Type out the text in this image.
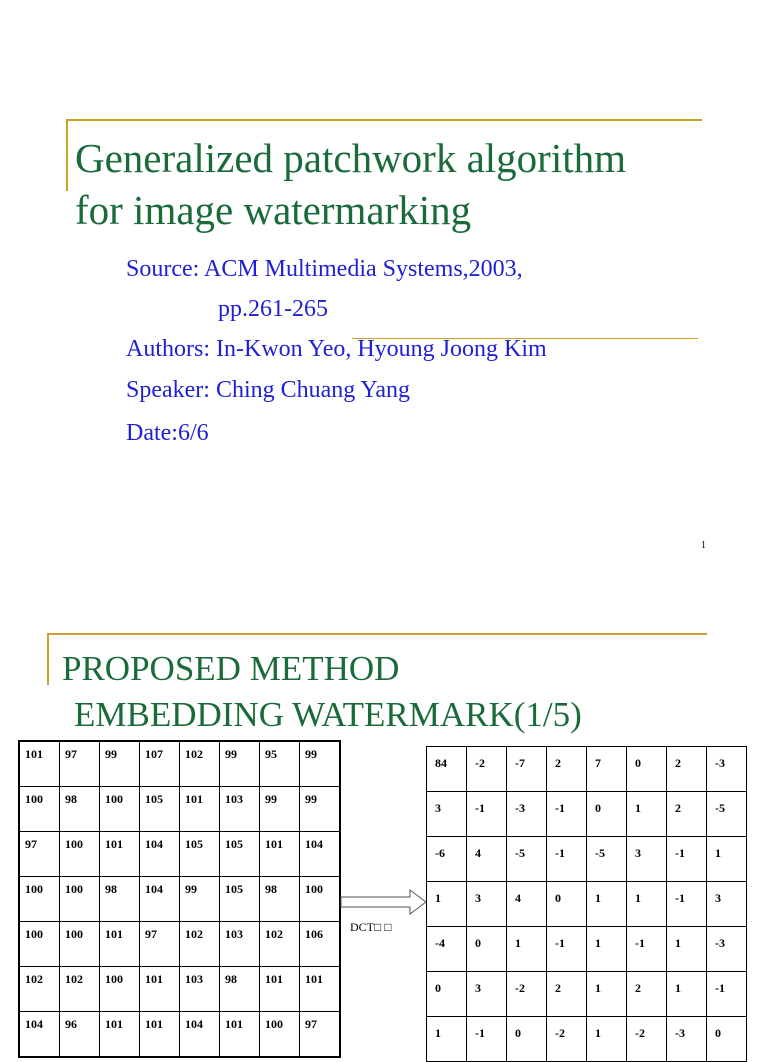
Generalized patchwork algorithm
for image watermarking
Source: ACM Multimedia Systems,2003,
pp.261-265
Authors: In-Kwon Yeo, Hyoung Joong Kim
Speaker: Ching Chuang Yang
Date:6/6
1
PROPOSED METHOD
EMBEDDING WATERMARK(1/5)
101	97	99	107	102	99	95	99

100	98	100	105	101	103	99	99

97	100	101	104	105	105	101	104

100	100	98	104	99	105	98	100

100	100	101	97	102	103	102	106

102	102	100	101	103	98	101	101

104	96	101	101	104	101	100	97
DCT□ □
84	-2	-7	2	7	0	2	-3

3	-1	-3	-1	0	1	2	-5

-6	4	-5	-1	-5	3	-1	1

1	3	4	0	1	1	-1	3

-4	0	1	-1	1	-1	1	-3

0	3	-2	2	1	2	1	-1

1	-1	0	-2	1	-2	-3	0
